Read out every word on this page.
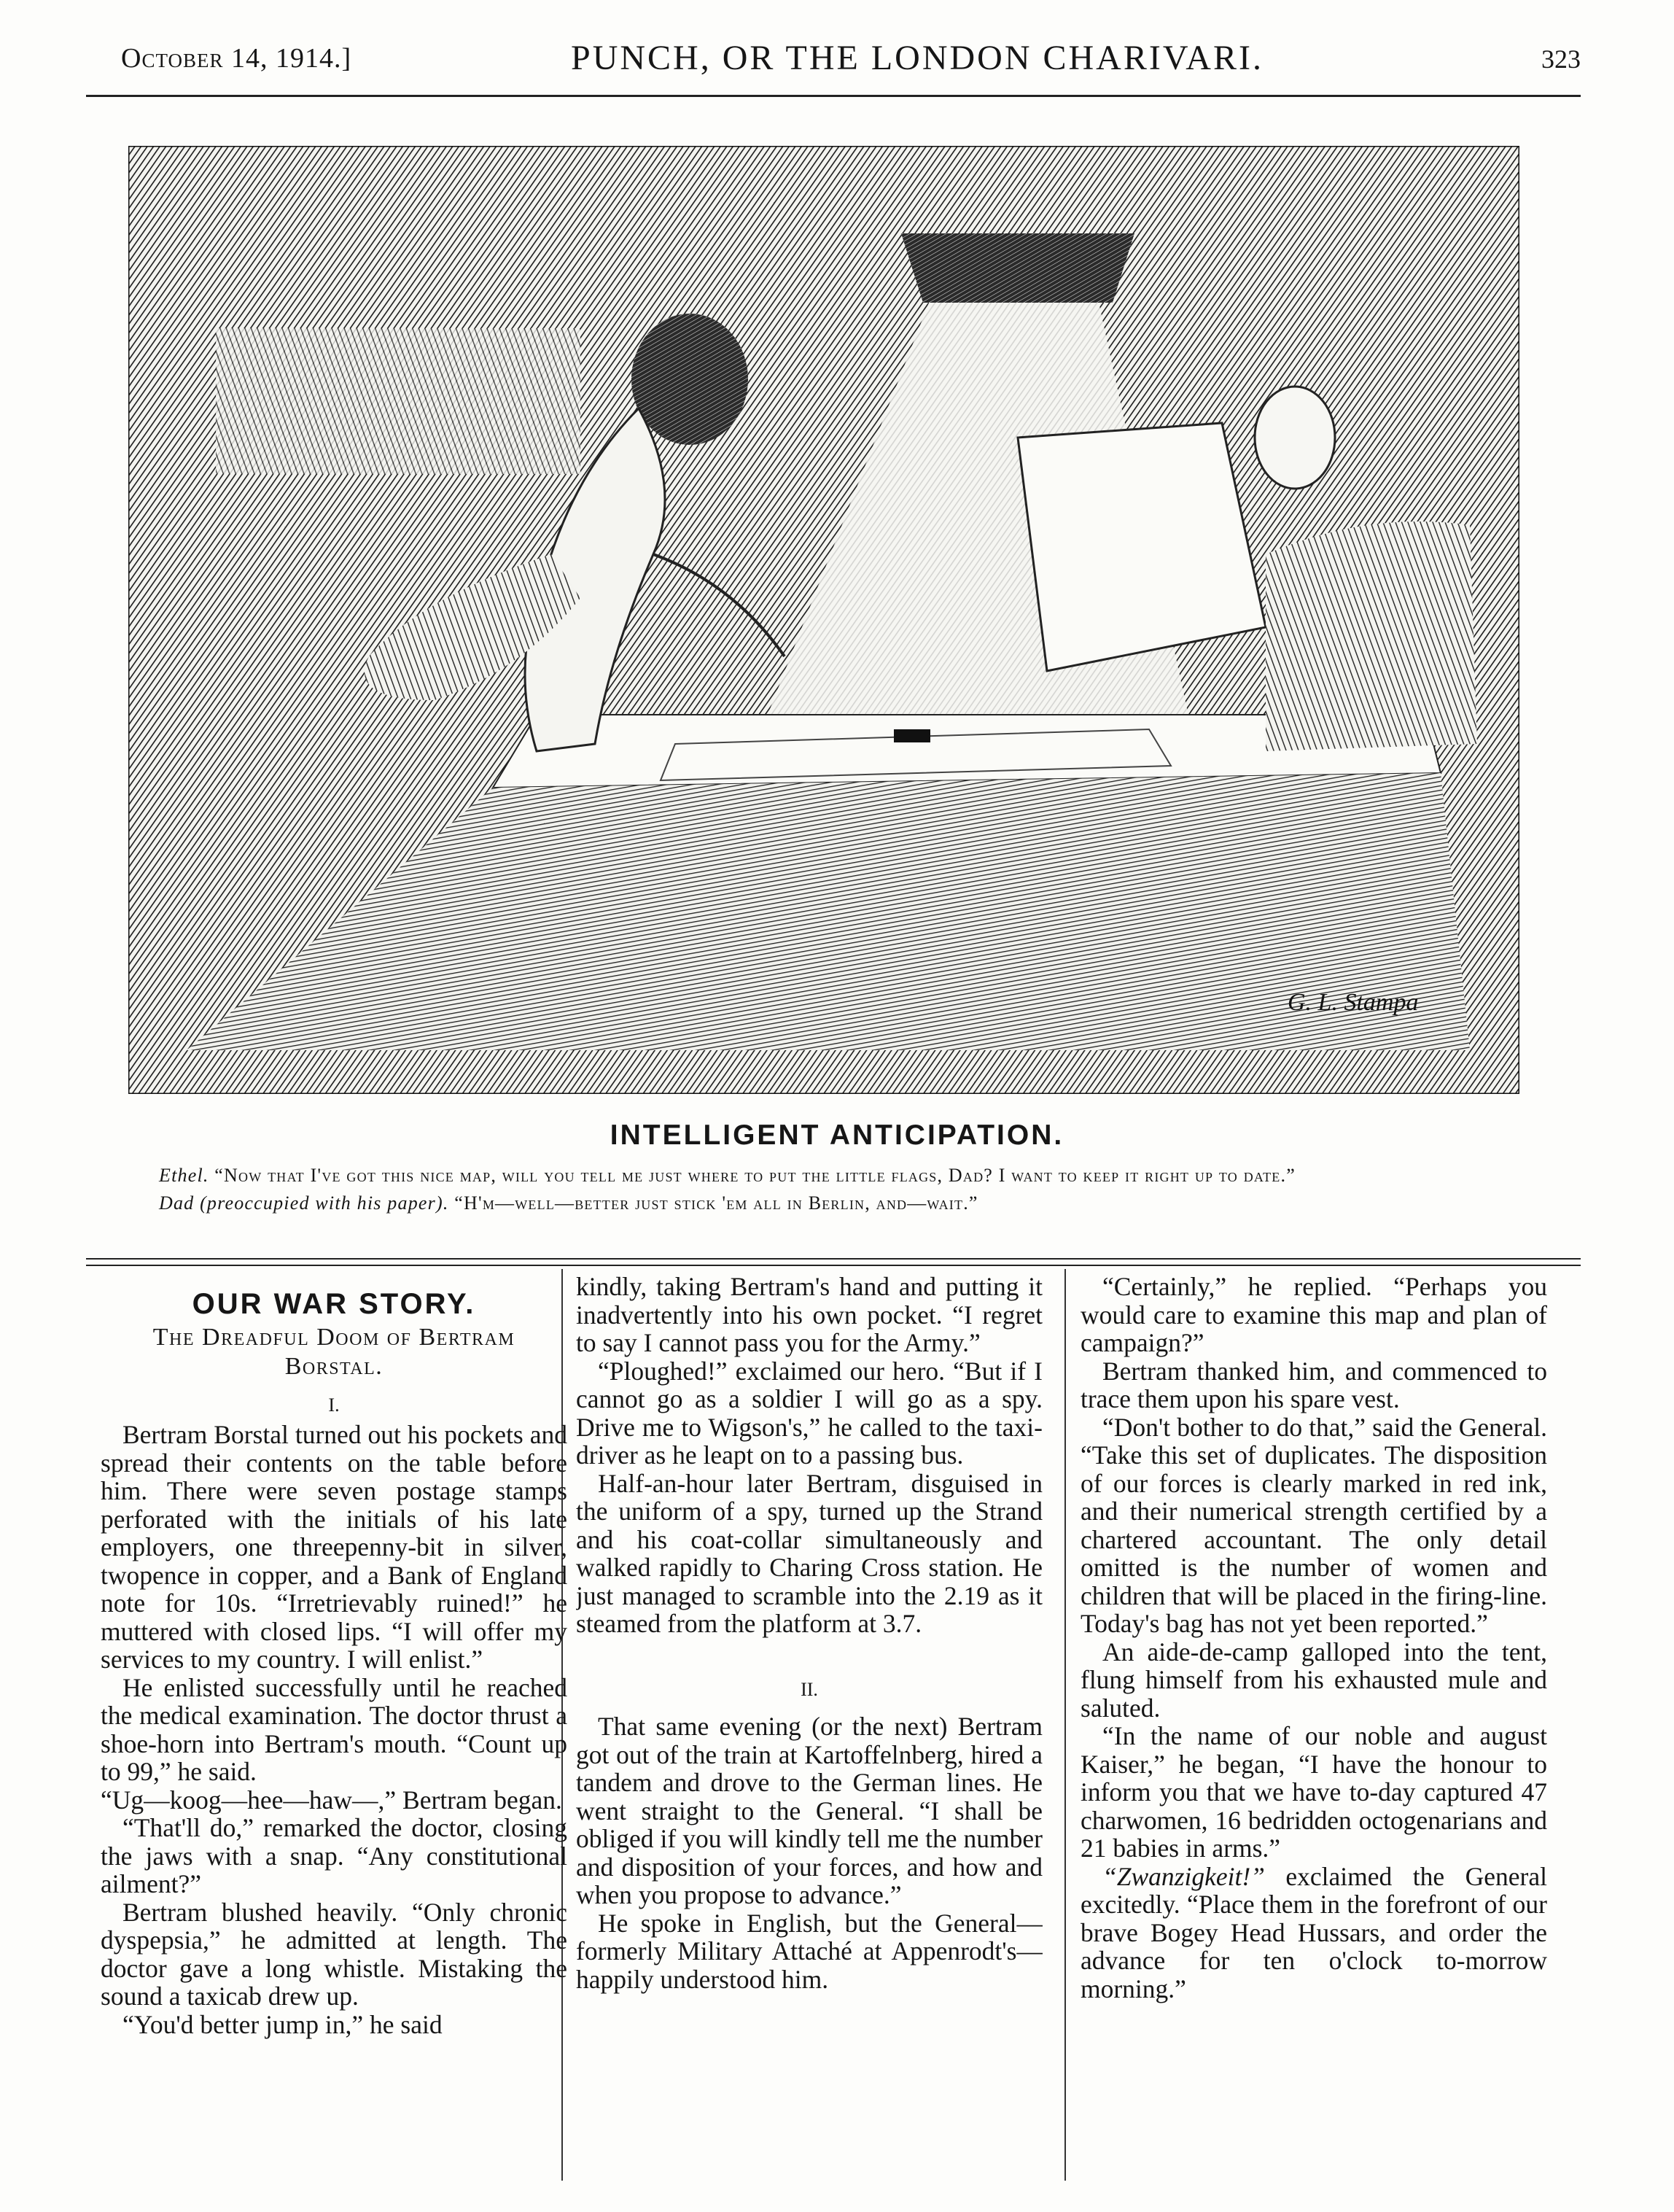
October 14, 1914.]	PUNCH, OR THE LONDON CHARIVARI.	323
G. L. Stampa
INTELLIGENT ANTICIPATION.

Ethel. “Now that I've got this nice map, will you tell me just where to put the little flags, Dad? I want to keep it right up to date.”

Dad (preoccupied with his paper). “H'm—well—better just stick 'em all in Berlin, and—wait.”

OUR WAR STORY.
The Dreadful Doom of Bertram Borstal.

I.

Bertram Borstal turned out his pockets and spread their contents on the table before him. There were seven postage stamps perforated with the initials of his late employers, one threepenny-bit in silver, twopence in copper, and a Bank of England note for 10s. “Irretrievably ruined!” he muttered with closed lips. “I will offer my services to my country. I will enlist.”

He enlisted successfully until he reached the medical examination. The doctor thrust a shoe-horn into Bertram's mouth. “Count up to 99,” he said.

“Ug—koog—hee—haw—,” Bertram began.

“That'll do,” remarked the doctor, closing the jaws with a snap. “Any constitutional ailment?”

Bertram blushed heavily. “Only chronic dyspepsia,” he admitted at length. The doctor gave a long whistle. Mistaking the sound a taxicab drew up.

“You'd better jump in,” he said

kindly, taking Bertram's hand and putting it inadvertently into his own pocket. “I regret to say I cannot pass you for the Army.”

“Ploughed!” exclaimed our hero. “But if I cannot go as a soldier I will go as a spy. Drive me to Wigson's,” he called to the taxi-driver as he leapt on to a passing bus.

Half-an-hour later Bertram, disguised in the uniform of a spy, turned up the Strand and his coat-collar simultaneously and walked rapidly to Charing Cross station. He just managed to scramble into the 2.19 as it steamed from the platform at 3.7.

II.

That same evening (or the next) Bertram got out of the train at Kartoffelnberg, hired a tandem and drove to the German lines. He went straight to the General. “I shall be obliged if you will kindly tell me the number and disposition of your forces, and how and when you propose to advance.”

He spoke in English, but the General—formerly Military Attaché at Appenrodt's—happily understood him.

“Certainly,” he replied. “Perhaps you would care to examine this map and plan of campaign?”

Bertram thanked him, and commenced to trace them upon his spare vest.

“Don't bother to do that,” said the General. “Take this set of duplicates. The disposition of our forces is clearly marked in red ink, and their numerical strength certified by a chartered accountant. The only detail omitted is the number of women and children that will be placed in the firing-line. Today's bag has not yet been reported.”

An aide-de-camp galloped into the tent, flung himself from his exhausted mule and saluted.

“In the name of our noble and august Kaiser,” he began, “I have the honour to inform you that we have to-day captured 47 charwomen, 16 bedridden octogenarians and 21 babies in arms.”

“Zwanzigkeit!” exclaimed the General excitedly. “Place them in the forefront of our brave Bogey Head Hussars, and order the advance for ten o'clock to-morrow morning.”
